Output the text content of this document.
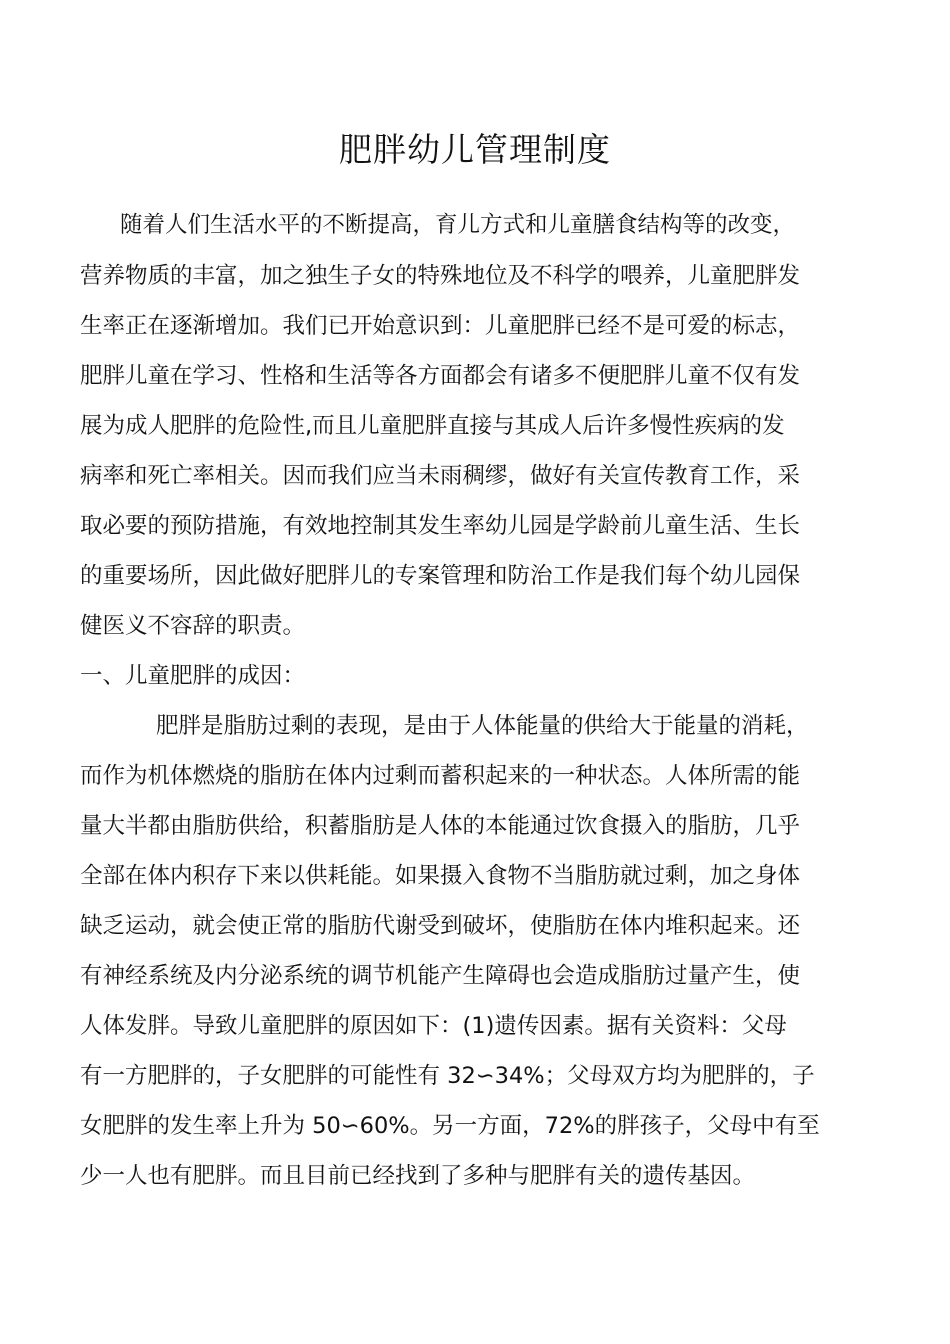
肥胖幼儿管理制度

随着人们生活水平的不断提高，育儿方式和儿童膳食结构等的改变，

营养物质的丰富，加之独生子女的特殊地位及不科学的喂养，儿童肥胖发

生率正在逐渐增加。我们已开始意识到：儿童肥胖已经不是可爱的标志，

肥胖儿童在学习、性格和生活等各方面都会有诸多不便肥胖儿童不仅有发

展为成人肥胖的危险性,而且儿童肥胖直接与其成人后许多慢性疾病的发

病率和死亡率相关。因而我们应当未雨稠缪，做好有关宣传教育工作，采

取必要的预防措施，有效地控制其发生率幼儿园是学龄前儿童生活、生长

的重要场所，因此做好肥胖儿的专案管理和防治工作是我们每个幼儿园保

健医义不容辞的职责。

一、儿童肥胖的成因：

肥胖是脂肪过剩的表现，是由于人体能量的供给大于能量的消耗，

而作为机体燃烧的脂肪在体内过剩而蓄积起来的一种状态。人体所需的能

量大半都由脂肪供给，积蓄脂肪是人体的本能通过饮食摄入的脂肪，几乎

全部在体内积存下来以供耗能。如果摄入食物不当脂肪就过剩，加之身体

缺乏运动，就会使正常的脂肪代谢受到破坏，使脂肪在体内堆积起来。还

有神经系统及内分泌系统的调节机能产生障碍也会造成脂肪过量产生，使

人体发胖。导致儿童肥胖的原因如下：(1)遗传因素。据有关资料：父母

有一方肥胖的，子女肥胖的可能性有 32∽34%；父母双方均为肥胖的，子

女肥胖的发生率上升为 50∽60%。另一方面，72%的胖孩子，父母中有至

少一人也有肥胖。而且目前已经找到了多种与肥胖有关的遗传基因。
